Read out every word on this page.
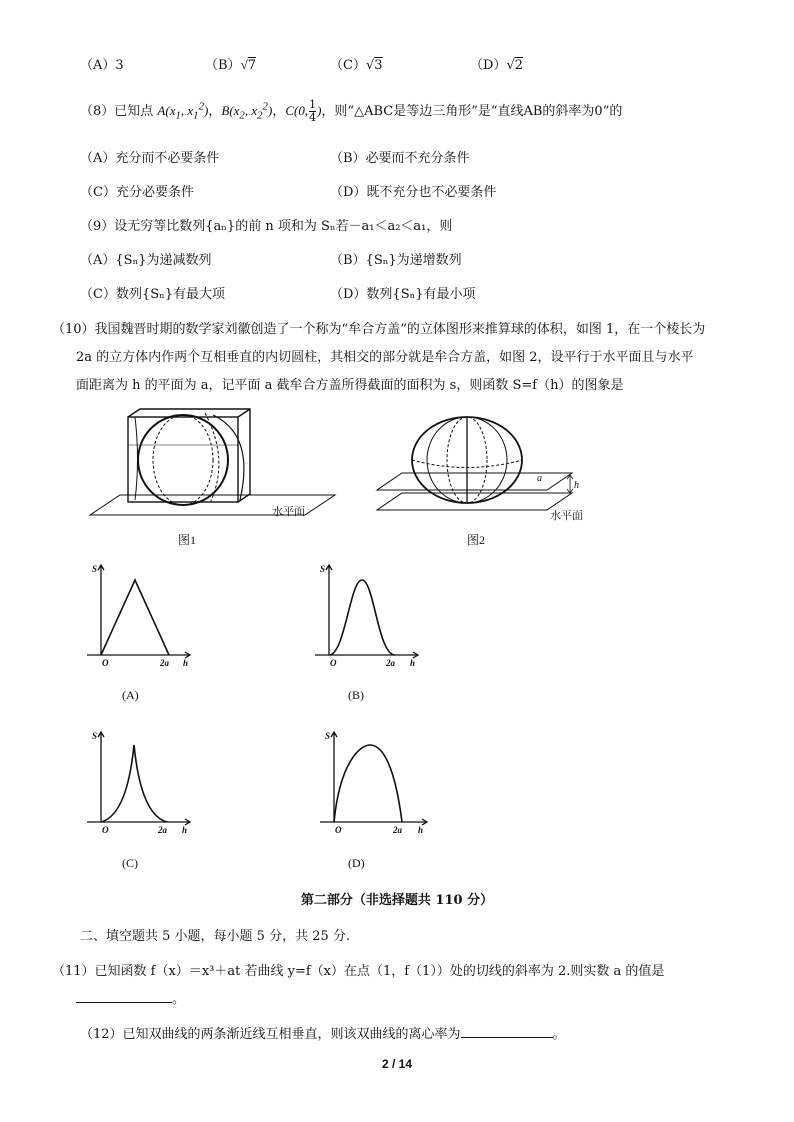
（A）3	（B）√7	（C）√3	（D）√2
（8）已知点 $A(x_1$, $x_1^2$)，$B(x_2$, $x_2^2$)，C(0, $\frac{1}{4}$ )，则“△ABC是等边三角形”是“直线AB的斜率为0”的
（A）充分而不必要条件	（B）必要而不充分条件
（C）充分必要条件	（D）既不充分也不必要条件
（9）设无穷等比数列{aₙ}的前 n 项和为 Sₙ若－a₁＜a₂＜a₁，则
（A）{Sₙ}为递减数列	（B）{Sₙ}为递增数列
（C）数列{Sₙ}有最大项	（D）数列{Sₙ}有最小项
（10）我国魏晋时期的数学家刘徽创造了一个称为“牟合方盖”的立体图形来推算球的体积，如图 1，在一个棱长为
2a 的立方体内作两个互相垂直的内切圆柱，其相交的部分就是牟合方盖，如图 2，设平行于水平面且与水平
面距离为 h 的平面为 a，记平面 a 截牟合方盖所得截面的面积为 s，则函数 S=f（h）的图象是
水平面
图1
a
h
水平面
图2
S
O	2a h
(A)
S
O	2a h
(B)
S
O	2a h
(C)
S
O	2a h
(D)
第二部分（非选择题共 110 分）
二、填空题共 5 小题，每小题 5 分，共 25 分.
（11）已知函数 f（x）＝x³＋at 若曲线 y=f（x）在点（1，f（1））处的切线的斜率为 2.则实数 a 的值是
。
（12）已知双曲线的两条渐近线互相垂直，则该双曲线的离心率为	。
2 / 14
